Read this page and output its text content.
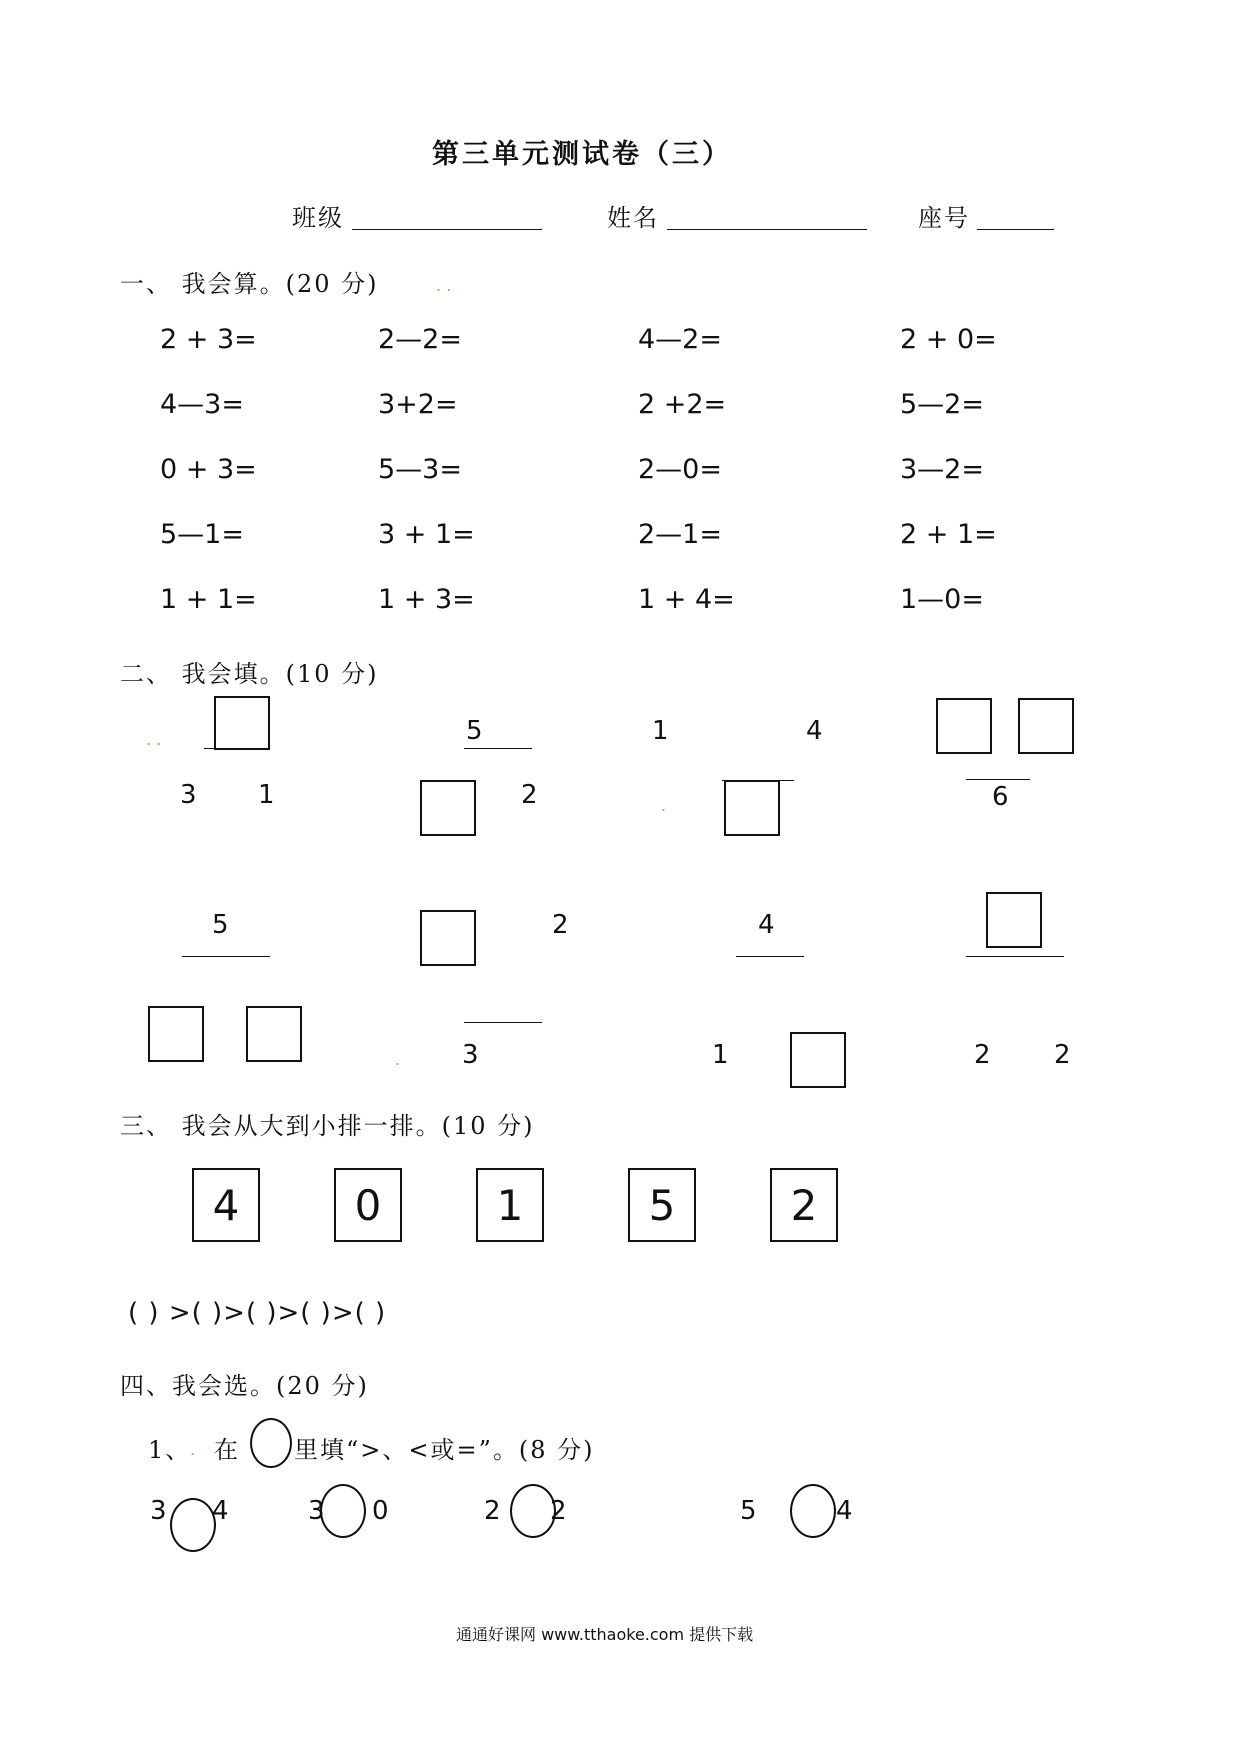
第三单元测试卷（三）
班级	姓名	座号
一、 我会算。(20 分)	. .
2 + 3=	2—2=	4—2=	2 + 0=
4—3=	3+2=	2 +2=	5—2=
0 + 3=	5—3=	2—0=	3—2=
5—1=	3 + 1=	2—1=	2 + 1=
1 + 1=	1 + 3=	1 + 4=	1—0=
二、 我会填。(10 分)
. .
3 1
5
2
1	4
.	6
5	2
. 3
4
1	2 2
三、 我会从大到小排一排。(10 分)
4	0	1	5	2
( ) >( )>( )>( )>( )
四、我会选。(20 分)
1、
. 在 里填“>、<或=”。(8 分)
3 4	3 0	2 2	5	4
通通好课网 www.tthaoke.com 提供下载
